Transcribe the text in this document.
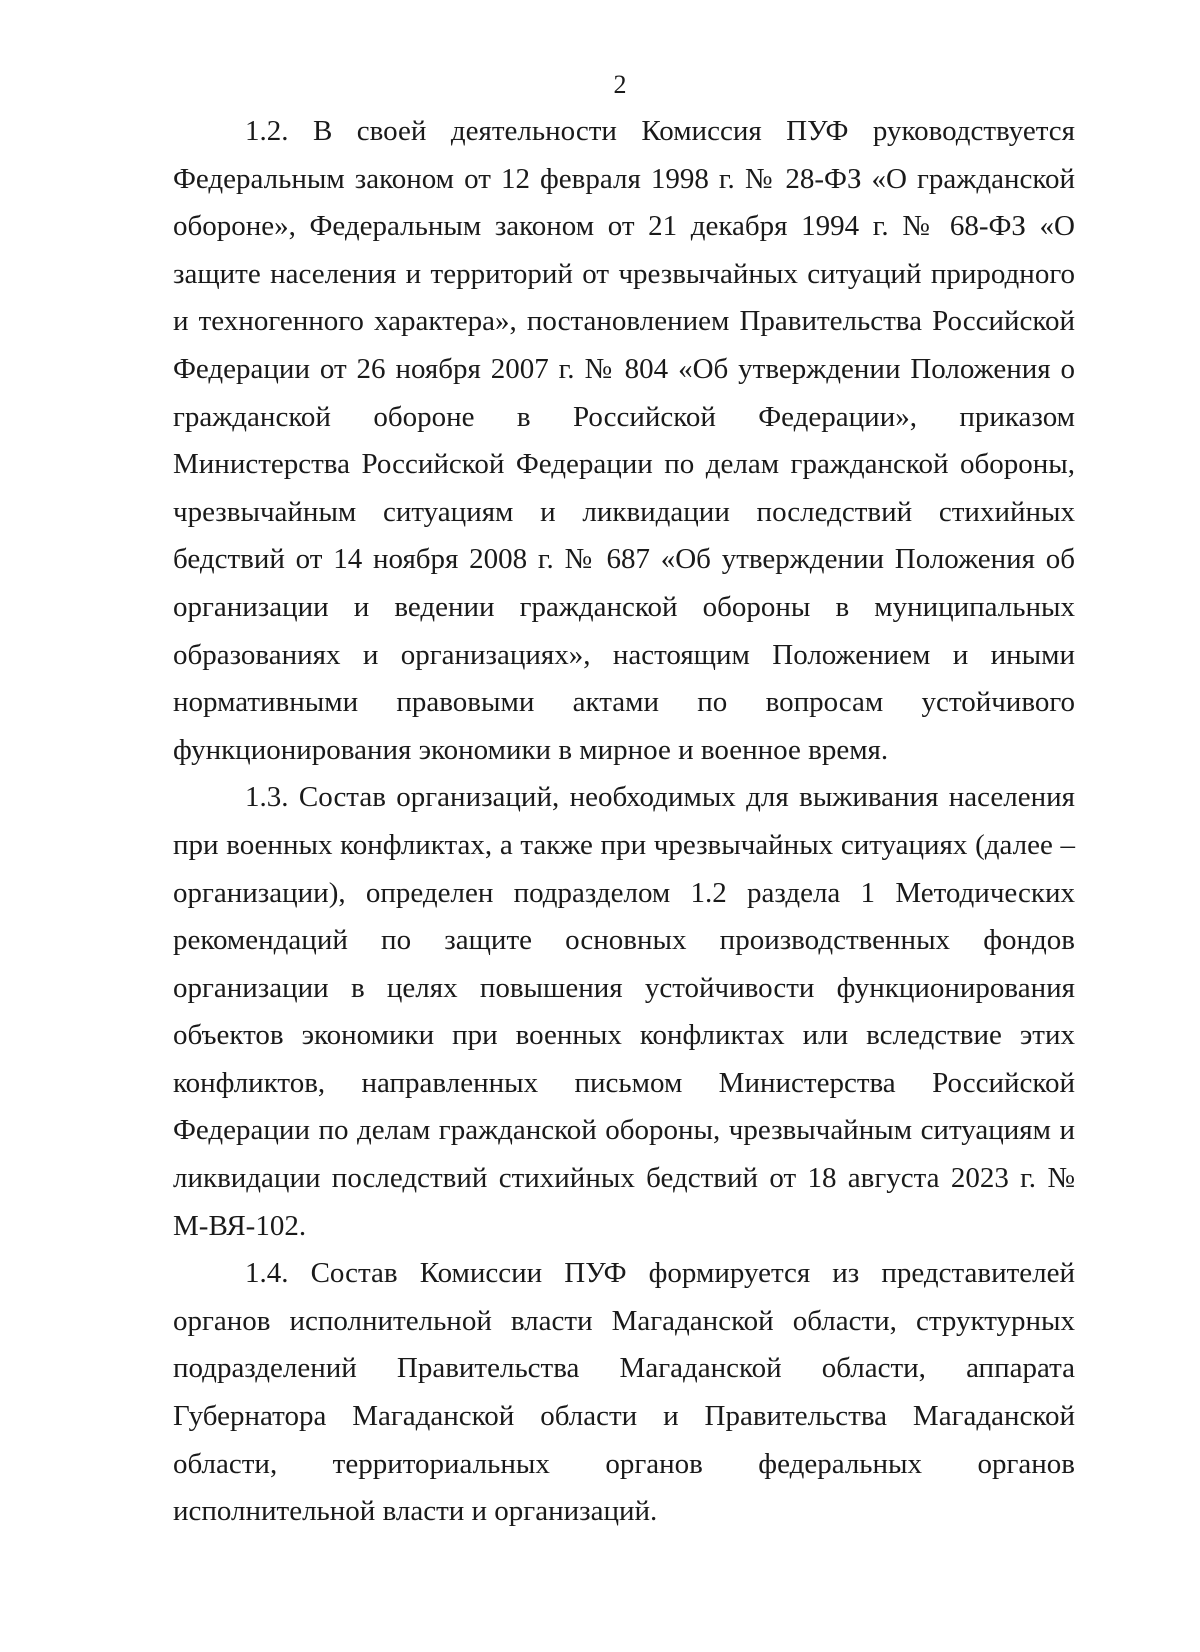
2

1.2. В своей деятельности Комиссия ПУФ руководствуется Федеральным законом от 12 февраля 1998 г. № 28-ФЗ «О гражданской обороне», Федеральным законом от 21 декабря 1994 г. № 68-ФЗ «О защите населения и территорий от чрезвычайных ситуаций природного и техногенного характера», постановлением Правительства Российской Федерации от 26 ноября 2007 г. № 804 «Об утверждении Положения о гражданской обороне в Российской Федерации», приказом Министерства Российской Федерации по делам гражданской обороны, чрезвычайным ситуациям и ликвидации последствий стихийных бедствий от 14 ноября 2008 г. № 687 «Об утверждении Положения об организации и ведении гражданской обороны в муниципальных образованиях и организациях», настоящим Положением и иными нормативными правовыми актами по вопросам устойчивого функционирования экономики в мирное и военное время.

1.3. Состав организаций, необходимых для выживания населения при военных конфликтах, а также при чрезвычайных ситуациях (далее – организации), определен подразделом 1.2 раздела 1 Методических рекомендаций по защите основных производственных фондов организации в целях повышения устойчивости функционирования объектов экономики при военных конфликтах или вследствие этих конфликтов, направленных письмом Министерства Российской Федерации по делам гражданской обороны, чрезвычайным ситуациям и ликвидации последствий стихийных бедствий от 18 августа 2023 г. № М-ВЯ-102.

1.4. Состав Комиссии ПУФ формируется из представителей органов исполнительной власти Магаданской области, структурных подразделений Правительства Магаданской области, аппарата Губернатора Магаданской области и Правительства Магаданской области, территориальных органов федеральных органов исполнительной власти и организаций.
